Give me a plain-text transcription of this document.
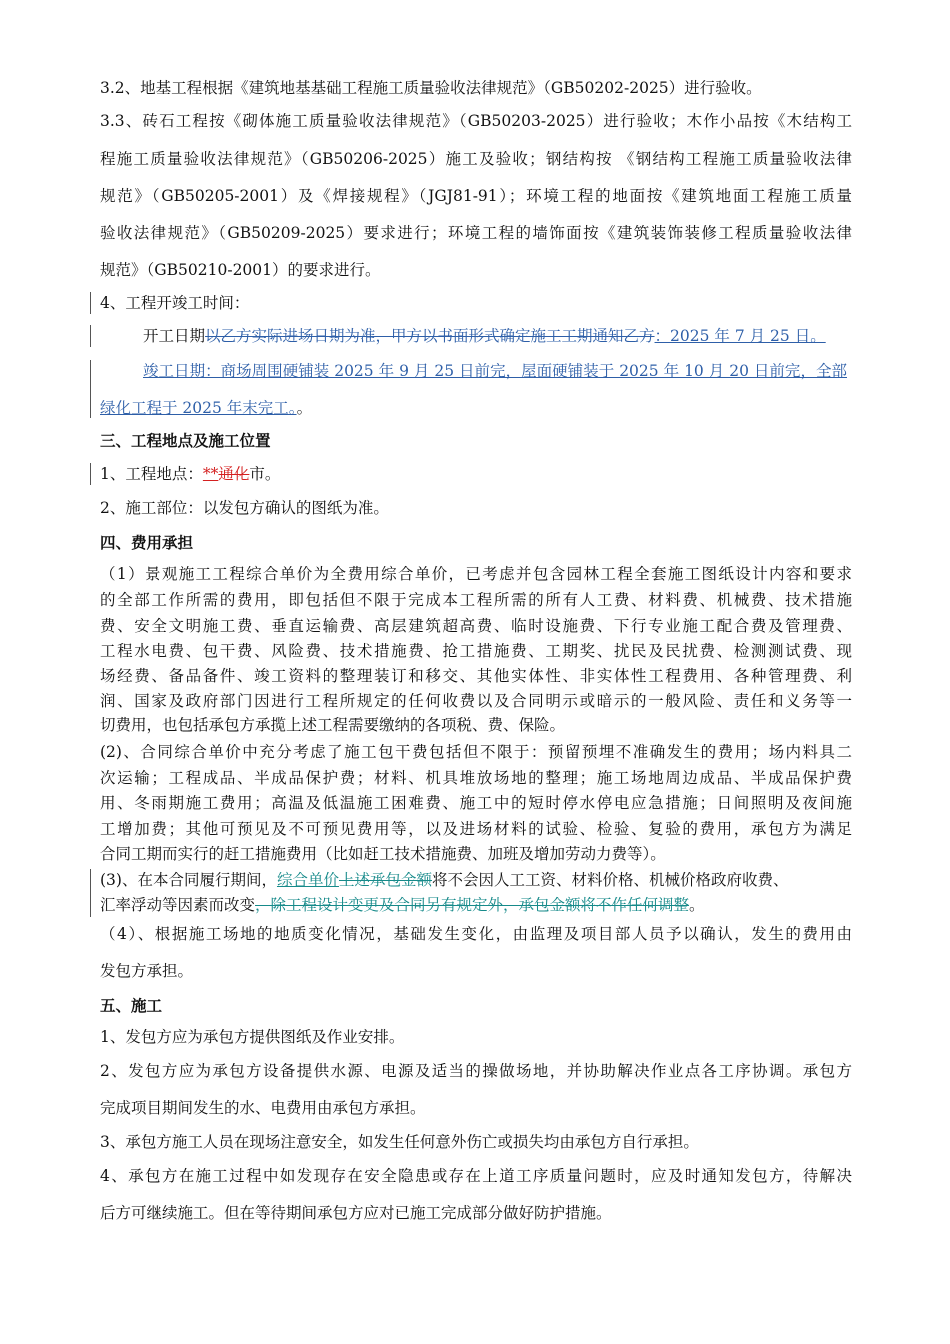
3.2、地基工程根据《建筑地基基础工程施工质量验收法律规范》（GB50202-2025）进行验收。
3.3、砖石工程按《砌体施工质量验收法律规范》（GB50203-2025）进行验收；木作小品按《木结构工
程施工质量验收法律规范》（GB50206-2025）施工及验收；钢结构按 《钢结构工程施工质量验收法律
规范》（GB50205-2001）及《焊接规程》（JGJ81-91）；环境工程的地面按《建筑地面工程施工质量
验收法律规范》（GB50209-2025）要求进行；环境工程的墙饰面按《建筑装饰装修工程质量验收法律
规范》（GB50210-2001）的要求进行。
4、工程开竣工时间：
开工日期以乙方实际进场日期为准，甲方以书面形式确定施工工期通知乙方：2025 年 7 月 25 日。
竣工日期：商场周围硬铺装 2025 年 9 月 25 日前完，屋面硬铺装于 2025 年 10 月 20 日前完，全部
绿化工程于 2025 年末完工。。
三、工程地点及施工位置
1、工程地点：**通化市。
2、施工部位：以发包方确认的图纸为准。
四、费用承担
（1）景观施工工程综合单价为全费用综合单价，已考虑并包含园林工程全套施工图纸设计内容和要求
的全部工作所需的费用，即包括但不限于完成本工程所需的所有人工费、材料费、机械费、技术措施
费、安全文明施工费、垂直运输费、高层建筑超高费、临时设施费、下行专业施工配合费及管理费、
工程水电费、包干费、风险费、技术措施费、抢工措施费、工期奖、扰民及民扰费、检测测试费、现
场经费、备品备件、竣工资料的整理装订和移交、其他实体性、非实体性工程费用、各种管理费、利
润、国家及政府部门因进行工程所规定的任何收费以及合同明示或暗示的一般风险、责任和义务等一
切费用，也包括承包方承揽上述工程需要缴纳的各项税、费、保险。
(2)、合同综合单价中充分考虑了施工包干费包括但不限于：预留预埋不准确发生的费用；场内料具二
次运输；工程成品、半成品保护费；材料、机具堆放场地的整理；施工场地周边成品、半成品保护费
用、冬雨期施工费用；高温及低温施工困难费、施工中的短时停水停电应急措施；日间照明及夜间施
工增加费；其他可预见及不可预见费用等，以及进场材料的试验、检验、复验的费用，承包方为满足
合同工期而实行的赶工措施费用（比如赶工技术措施费、加班及增加劳动力费等）。
(3)、在本合同履行期间，综合单价上述承包金额将不会因人工工资、材料价格、机械价格政府收费、
汇率浮动等因素而改变，除工程设计变更及合同另有规定外，承包金额将不作任何调整。
（4）、根据施工场地的地质变化情况，基础发生变化，由监理及项目部人员予以确认，发生的费用由
发包方承担。
五、施工
1、发包方应为承包方提供图纸及作业安排。
2、发包方应为承包方设备提供水源、电源及适当的操做场地，并协助解决作业点各工序协调。承包方
完成项目期间发生的水、电费用由承包方承担。
3、承包方施工人员在现场注意安全，如发生任何意外伤亡或损失均由承包方自行承担。
4、承包方在施工过程中如发现存在安全隐患或存在上道工序质量问题时，应及时通知发包方，待解决
后方可继续施工。但在等待期间承包方应对已施工完成部分做好防护措施。
